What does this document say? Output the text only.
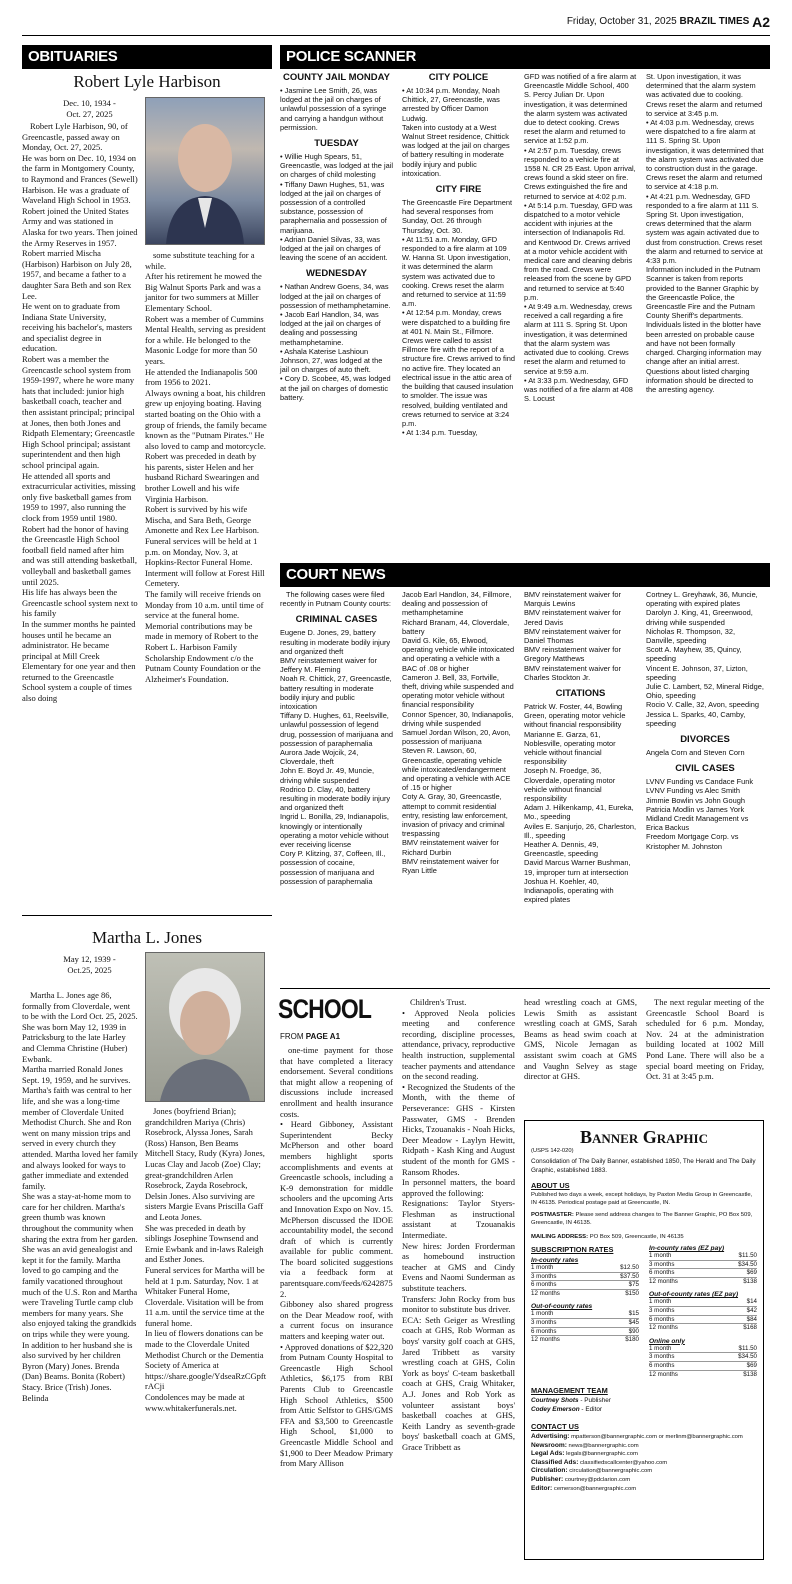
Friday, October 31, 2025
BRAZIL TIMES
A2
OBITUARIES
Robert Lyle Harbison
Dec. 10, 1934 -
Oct. 27, 2025
Robert Lyle Harbison, 90, of Greencastle, passed away on Monday, Oct. 27, 2025.
He was born on Dec. 10, 1934 on the farm in Montgomery County, to Raymond and Frances (Sewell) Harbison. He was a graduate of Waveland High School in 1953.
Robert joined the United States Army and was stationed in Alaska for two years. Then joined the Army Reserves in 1957. Robert married Mischa (Harbison) Harbison on July 28, 1957, and became a father to a daughter Sara Beth and son Rex Lee.
He went on to graduate from Indiana State University, receiving his bachelor's, masters and specialist degree in education.
Robert was a member the Greencastle school system from 1959-1997, where he wore many hats that included: junior high basketball coach, teacher and then assistant principal; principal at Jones, then both Jones and Ridpath Elementary; Greencastle High School principal; assistant superintendent and then high school principal again.
He attended all sports and extracurricular activities, missing only five basketball games from 1959 to 1997, also running the clock from 1959 until 1980. Robert had the honor of having the Greencastle High School football field named after him and was still attending basketball, volleyball and basketball games until 2025.
His life has always been the Greencastle school system next to his family
In the summer months he painted houses until he became an administrator. He became principal at Mill Creek Elementary for one year and then returned to the Greencastle School system a couple of times also doing
some substitute teaching for a while.
After his retirement he mowed the Big Walnut Sports Park and was a janitor for two summers at Miller Elementary School.
Robert was a member of Cummins Mental Health, serving as president for a while. He belonged to the Masonic Lodge for more than 50 years.
He attended the Indianapolis 500 from 1956 to 2021.
Always owning a boat, his children grew up enjoying boating. Having started boating on the Ohio with a group of friends, the family became known as the "Putnam Pirates." He also loved to camp and motorcycle.
Robert was preceded in death by his parents, sister Helen and her husband Richard Swearingen and brother Lowell and his wife Virginia Harbison.
Robert is survived by his wife Mischa, and Sara Beth, George Amonette and Rex Lee Harbison.
Funeral services will be held at 1 p.m. on Monday, Nov. 3, at Hopkins-Rector Funeral Home. Interment will follow at Forest Hill Cemetery.
The family will receive friends on Monday from 10 a.m. until time of service at the funeral home.
Memorial contributions may be made in memory of Robert to the Robert L. Harbison Family Scholarship Endowment c/o the Putnam County Foundation or the Alzheimer's Foundation.
Martha L. Jones
May 12, 1939 -
Oct.25, 2025
Martha L. Jones age 86, formally from Cloverdale, went to be with the Lord Oct. 25, 2025.
She was born May 12, 1939 in Patricksburg to the late Harley and Clemma Christine (Huber) Ewbank.
Martha married Ronald Jones Sept. 19, 1959, and he survives.
Martha's faith was central to her life, and she was a long-time member of Cloverdale United Methodist Church. She and Ron went on many mission trips and served in every church they attended. Martha loved her family and always looked for ways to gather immediate and extended family.
She was a stay-at-home mom to care for her children. Martha's green thumb was known throughout the community when sharing the extra from her garden.
She was an avid genealogist and kept it for the family. Martha loved to go camping and the family vacationed throughout much of the U.S. Ron and Martha were Traveling Turtle camp club members for many years. She also enjoyed taking the grandkids on trips while they were young.
In addition to her husband she is also survived by her children Byron (Mary) Jones. Brenda (Dan) Beams. Bonita (Robert) Stacy. Brice (Trish) Jones. Belinda
Jones (boyfriend Brian); grandchildren Mariya (Chris) Rosebrock, Alyssa Jones, Sarah (Ross) Hanson, Ben Beams Mitchell Stacy, Rudy (Kyra) Jones, Lucas Clay and Jacob (Zoe) Clay; great-grandchildren Arlen Rosebrock, Zayda Rosebrock, Delsin Jones. Also surviving are sisters Margie Evans Priscilla Gaff and Leota Jones.
She was preceded in death by siblings Josephine Townsend and Ernie Ewbank and in-laws Raleigh and Esther Jones.
Funeral services for Martha will be held at 1 p.m. Saturday, Nov. 1 at Whitaker Funeral Home, Cloverdale. Visitation will be from 11 a.m. until the service time at the funeral home.
In lieu of flowers donations can be made to the Cloverdale United Methodist Church or the Dementia Society of America at https://share.google/YdseaRzCGpftrACji
Condolences may be made at www.whitakerfunerals.net.
POLICE SCANNER
COUNTY JAIL MONDAY
• Jasmine Lee Smith, 26, was lodged at the jail on charges of unlawful possession of a syringe and carrying a handgun without permission.
TUESDAY
• Willie Hugh Spears, 51, Greencastle, was lodged at the jail on charges of child molesting
• Tiffany Dawn Hughes, 51, was lodged at the jail on charges of possession of a controlled substance, possession of paraphernalia and possession of marijuana.
• Adrian Daniel Silvas, 33, was lodged at the jail on charges of leaving the scene of an accident.
WEDNESDAY
• Nathan Andrew Goens, 34, was lodged at the jail on charges of possession of methamphetamine.
• Jacob Earl Handlon, 34, was lodged at the jail on charges of dealing and possessing methamphetamine.
• Ashala Katerise Lashioun Johnson, 27, was lodged at the jail on charges of auto theft.
• Cory D. Scobee, 45, was lodged at the jail on charges of domestic battery.
CITY POLICE
• At 10:34 p.m. Monday, Noah Chittick, 27, Greencastle, was arrested by Officer Damon Ludwig.
Taken into custody at a West Walnut Street residence, Chittick was lodged at the jail on charges of battery resulting in moderate bodily injury and public intoxication.
CITY FIRE
The Greencastle Fire Department had several responses from Sunday, Oct. 26 through Thursday, Oct. 30.
• At 11:51 a.m. Monday, GFD responded to a fire alarm at 109 W. Hanna St. Upon investigation, it was determined the alarm system was activated due to cooking. Crews reset the alarm and returned to service at 11:59 a.m.
• At 12:54 p.m. Monday, crews were dispatched to a building fire at 401 N. Main St., Fillmore. Crews were called to assist Fillmore fire with the report of a structure fire. Crews arrived to find no active fire. They located an electrical issue in the attic area of the building that caused insulation to smolder. The issue was resolved, building ventilated and crews returned to service at 3:24 p.m.
• At 1:34 p.m. Tuesday,
GFD was notified of a fire alarm at Greencastle Middle School, 400 S. Percy Julian Dr. Upon investigation, it was determined the alarm system was activated due to detect cooking. Crews reset the alarm and returned to service at 1:52 p.m.
• At 2:57 p.m. Tuesday, crews responded to a vehicle fire at 1558 N. CR 25 East. Upon arrival, crews found a skid steer on fire. Crews extinguished the fire and returned to service at 4:02 p.m.
• At 5:14 p.m. Tuesday, GFD was dispatched to a motor vehicle accident with injuries at the intersection of Indianapolis Rd. and Kentwood Dr. Crews arrived at a motor vehicle accident with medical care and cleaning debris from the road. Crews were released from the scene by GPD and returned to service at 5:40 p.m.
• At 9:49 a.m. Wednesday, crews received a call regarding a fire alarm at 111 S. Spring St. Upon investigation, it was determined that the alarm system was activated due to cooking. Crews reset the alarm and returned to service at 9:59 a.m.
• At 3:33 p.m. Wednesday, GFD was notified of a fire alarm at 408 S. Locust
St. Upon investigation, it was determined that the alarm system was activated due to cooking. Crews reset the alarm and returned to service at 3:45 p.m.
• At 4:03 p.m. Wednesday, crews were dispatched to a fire alarm at 111 S. Spring St. Upon investigation, it was determined that the alarm system was activated due to construction dust in the garage. Crews reset the alarm and returned to service at 4:18 p.m.
• At 4:21 p.m. Wednesday, GFD responded to a fire alarm at 111 S. Spring St. Upon investigation, crews determined that the alarm system was again activated due to dust from construction. Crews reset the alarm and returned to service at 4:33 p.m.
Information included in the Putnam Scanner is taken from reports provided to the Banner Graphic by the Greencastle Police, the Greencastle Fire and the Putnam County Sheriff's departments.
Individuals listed in the blotter have been arrested on probable cause and have not been formally charged. Charging information may change after an initial arrest.
Questions about listed charging information should be directed to the arresting agency.
COURT NEWS
The following cases were filed recently in Putnam County courts:
CRIMINAL CASES
Eugene D. Jones, 29, battery resulting in moderate bodily injury and organized theft
BMV reinstatement waiver for Jeffery M. Fleming
Noah R. Chittick, 27, Greencastle, battery resulting in moderate bodily injury and public intoxication
Tiffany D. Hughes, 61, Reelsville, unlawful possession of legend drug, possession of marijuana and possession of paraphernalia
Aurora Jade Wojcik, 24, Cloverdale, theft
John E. Boyd Jr. 49, Muncie, driving while suspended
Rodrico D. Clay, 40, battery resulting in moderate bodily injury and organized theft
Ingrid L. Bonilla, 29, Indianapolis, knowingly or intentionally operating a motor vehicle without ever receiving license
Cory P. Klitzing, 37, Coffeen, Ill., possession of cocaine, possession of marijuana and possession of paraphernalia
Jacob Earl Handlon, 34, Fillmore, dealing and possession of methamphetamine
Richard Branam, 44, Cloverdale, battery
David G. Kile, 65, Elwood, operating vehicle while intoxicated and operating a vehicle with a BAC of .08 or higher
Cameron J. Bell, 33, Fortville, theft, driving while suspended and operating motor vehicle without financial responsibility
Connor Spencer, 30, Indianapolis, driving while suspended
Samuel Jordan Wilson, 20, Avon, possession of marijuana
Steven R. Lawson, 60, Greencastle, operating vehicle while intoxicated/endangerment and operating a vehicle with ACE of .15 or higher
Coty A. Gray, 30, Greencastle, attempt to commit residential entry, resisting law enforcement, invasion of privacy and criminal trespassing
BMV reinstatement waiver for Richard Durbin
BMV reinstatement waiver for Ryan Little
BMV reinstatement waiver for Marquis Lewins
BMV reinstatement waiver for Jered Davis
BMV reinstatement waiver for Daniel Thomas
BMV reinstatement waiver for Gregory Matthews
BMV reinstatement waiver for Charles Stockton Jr.
CITATIONS
Patrick W. Foster, 44, Bowling Green, operating motor vehicle without financial responsibility
Marianne E. Garza, 61, Noblesville, operating motor vehicle without financial responsibility
Joseph N. Froedge, 36, Cloverdale, operating motor vehicle without financial responsibility
Adam J. Hilkenkamp, 41, Eureka, Mo., speeding
Aviles E. Sanjurjo, 26, Charleston, Ill., speeding
Heather A. Dennis, 49, Greencastle, speeding
David Marcus Warner Bushman, 19, improper turn at intersection
Joshua H. Koehler, 40, Indianapolis, operating with expired plates
Cortney L. Greyhawk, 36, Muncie, operating with expired plates
Darolyn J. King, 41, Greenwood, driving while suspended
Nicholas R. Thompson, 32, Danville, speeding
Scott A. Mayhew, 35, Quincy, speeding
Vincent E. Johnson, 37, Lizton, speeding
Julie C. Lambert, 52, Mineral Ridge, Ohio, speeding
Rocio V. Calle, 32, Avon, speeding
Jessica L. Sparks, 40, Camby, speeding
DIVORCES
Angela Corn and Steven Corn
CIVIL CASES
LVNV Funding vs Candace Funk
LVNV Funding vs Alec Smith
Jimmie Bowlin vs John Gough
Patricia Modlin vs James York
Midland Credit Management vs Erica Backus
Freedom Mortgage Corp. vs Kristopher M. Johnston
SCHOOL
FROM PAGE A1
one-time payment for those that have completed a literacy endorsement. Several conditions that might allow a reopening of discussions include increased enrollment and health insurance costs.
• Heard Gibboney, Assistant Superintendent Becky McPherson and other board members highlight sports accomplishments and events at Greencastle schools, including a K-9 demonstration for middle schoolers and the upcoming Arts and Innovation Expo on Nov. 15.
McPherson discussed the IDOE accountability model, the second draft of which is currently available for public comment. The board solicited suggestions via a feedback form at parentsquare.com/feeds/62428752.
Gibboney also shared progress on the Dear Meadow roof, with a current focus on insurance matters and keeping water out.
• Approved donations of $22,320 from Putnam County Hospital to Greencastle High School Athletics, $6,175 from RBI Parents Club to Greencastle High School Athletics, $500 from Attic Selfstor to GHS/GMS FFA and $3,500 to Greencastle High School, $1,000 to Greencastle Middle School and $1,900 to Deer Meadow Primary from Mary Allison
Children's Trust.
• Approved Neola policies meeting and conference recording, discipline processes, attendance, privacy, reproductive health instruction, supplemental teacher payments and attendance on the second reading.
• Recognized the Students of the Month, with the theme of Perseverance: GHS - Kirsten Passwater, GMS - Brenden Hicks, Tzouanakis - Noah Hicks, Deer Meadow - Laylyn Hewitt, Ridpath - Kash King and August student of the month for GMS - Ransom Rhodes.
In personnel matters, the board approved the following:
Resignations: Taylor Styers-Fleshman as instructional assistant at Tzouanakis Intermediate.
New hires: Jorden Frorderman as homebound instruction teacher at GMS and Cindy Evens and Naomi Sunderman as substitute teachers.
Transfers: John Rocky from bus monitor to substitute bus driver.
ECA: Seth Geiger as Wrestling coach at GHS, Rob Worman as boys' varsity golf coach at GHS, Jared Tribbett as varsity wrestling coach at GHS, Colin York as boys' C-team basketball coach at GHS, Craig Whitaker, A.J. Jones and Rob York as volunteer assistant boys' basketball coaches at GHS, Keith Landry as seventh-grade boys' basketball coach at GMS, Grace Tribbett as
head wrestling coach at GMS, Lewis Smith as assistant wrestling coach at GMS, Sarah Beams as head swim coach at GMS, Nicole Jernagan as assistant swim coach at GMS and Vaughn Selvey as stage director at GHS.
The next regular meeting of the Greencastle School Board is scheduled for 6 p.m. Monday, Nov. 24 at the administration building located at 1002 Mill Pond Lane. There will also be a special board meeting on Friday, Oct. 31 at 3:45 p.m.
Banner Graphic
(USPS 142-020)
Consolidation of The Daily Banner, established 1850, The Herald and The Daily Graphic, established 1883.
ABOUT US
Published two days a week, except holidays, by Paxton Media Group in Greencastle, IN 46135. Periodical postage paid at Greencastle, IN.
POSTMASTER: Please send address changes to The Banner Graphic, PO Box 509, Greencastle, IN 46135.
MAILING ADDRESS: PO Box 509, Greencastle, IN 46135
SUBSCRIPTION RATES
In-county rates
1 month	$12.50
3 months	$37.50
6 months	$75
12 months	$150
Out-of-county rates
1 month	$15
3 months	$45
6 months	$90
12 months	$180
In-county rates (EZ pay)
1 month	$11.50
3 months	$34.50
6 months	$69
12 months	$138
Out-of-county rates (EZ pay)
1 month	$14
3 months	$42
6 months	$84
12 months	$168
Online only
1 month	$11.50
3 months	$34.50
6 months	$69
12 months	$138
MANAGEMENT TEAM
Courtney Shots - Publisher
Codey Emerson - Editor
CONTACT US
Advertising: mpatterson@bannergraphic.com or merlinm@bannergraphic.com
Newsroom: news@bannergraphic.com
Legal Ads: legals@bannergraphic.com
Classified Ads: classifiedscallcenter@yahoo.com
Circulation: circulation@bannergraphic.com
Publisher: courtney@pdclarion.com
Editor: cemerson@bannergraphic.com
